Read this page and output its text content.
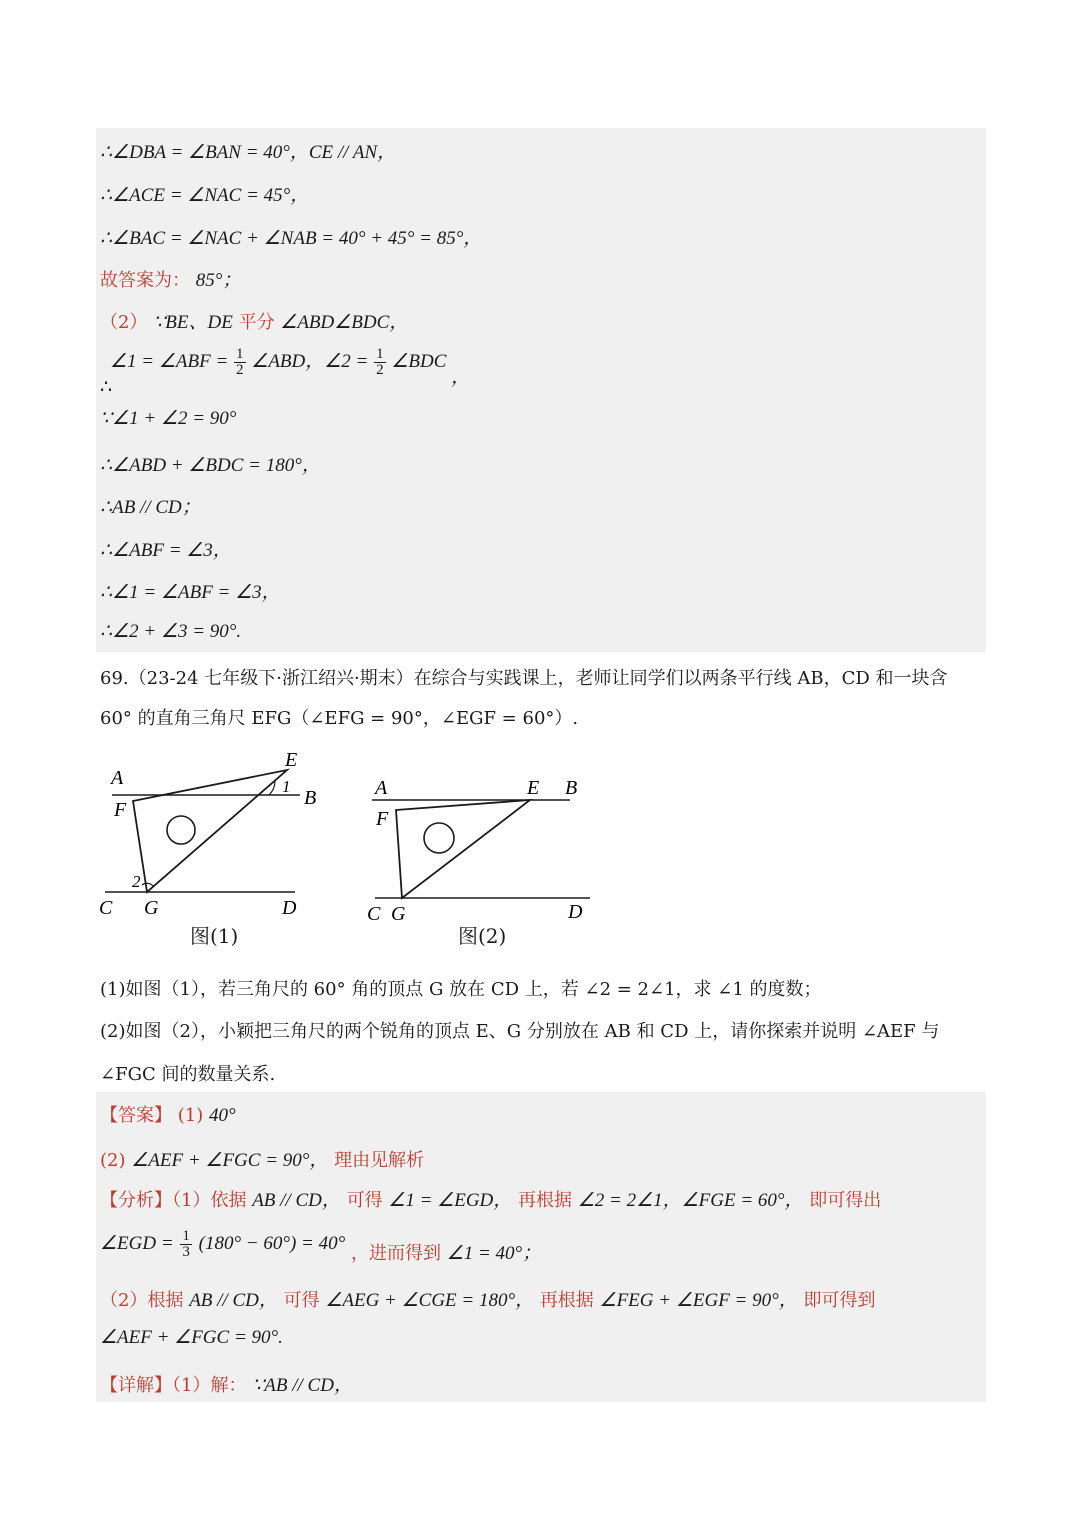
∴∠DBA = ∠BAN = 40°，CE // AN，
∴∠ACE = ∠NAC = 45°，
∴∠BAC = ∠NAC + ∠NAB = 40° + 45° = 85°，
故答案为： 85°；
（2） ∵BE、DE 平分 ∠ABD∠BDC，
∴
∠1 = ∠ABF = $\frac{1}{2}$ ∠ABD，∠2 = $\frac{1}{2}$ ∠BDC ，
∵∠1 + ∠2 = 90°
∴∠ABD + ∠BDC = 180°，
∴AB // CD；
∴∠ABF = ∠3，
∴∠1 = ∠ABF = ∠3，
∴∠2 + ∠3 = 90°.
69.（23-24 七年级下·浙江绍兴·期末）在综合与实践课上，老师让同学们以两条平行线 AB，CD 和一块含
60° 的直角三角尺 EFG（∠EFG = 90°，∠EGF = 60°）.
A
B
E
F
1
2
C G	D
图(1)
A	E B
F
C G	D
图(2)
(1)如图（1），若三角尺的 60° 角的顶点 G 放在 CD 上，若 ∠2 = 2∠1，求 ∠1 的度数；
(2)如图（2），小颖把三角尺的两个锐角的顶点 E、G 分别放在 AB 和 CD 上，请你探索并说明 ∠AEF 与
∠FGC 间的数量关系.
【答案】 (1) 40°
(2) ∠AEF + ∠FGC = 90°， 理由见解析
【分析】（1）依据 AB // CD， 可得 ∠1 = ∠EGD， 再根据 ∠2 = 2∠1，∠FGE = 60°， 即可得出
∠EGD = $\frac{1}{3} (180^\circ - 60^\circ) = 40^\circ$ ，进而得到 ∠1 = 40°；
（2）根据 AB // CD， 可得 ∠AEG + ∠CGE = 180°， 再根据 ∠FEG + ∠EGF = 90°， 即可得到
∠AEF + ∠FGC = 90°.
【详解】（1）解： ∵AB // CD，
